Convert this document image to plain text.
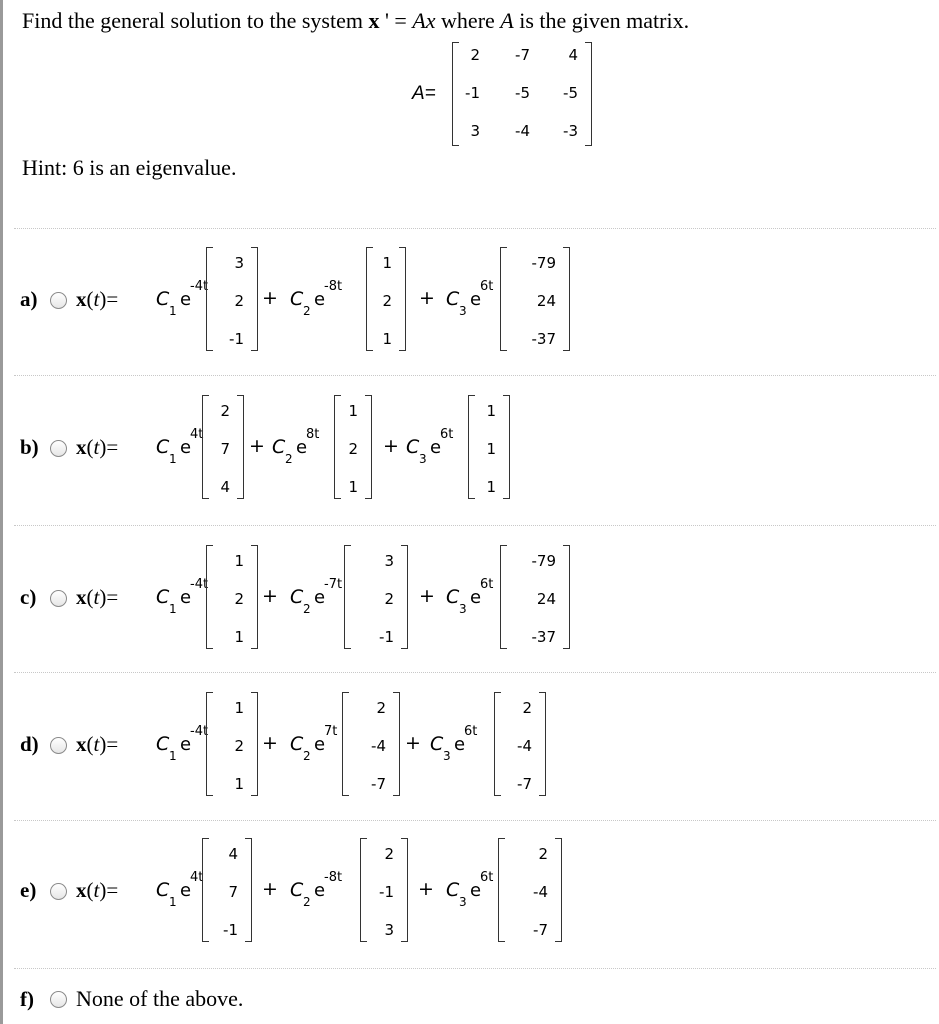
Find the general solution to the system x ' = Ax where A is the given matrix.
A=
2 -7	4
-1 -5 -5
3 -4 -3
Hint: 6 is an eigenvalue.
a) x(t)= C
1
e
-4t
3
2
-1
+ C
2
e
-8t
1
2
1
+ C
3
e
6t
-79
24
-37
b) x(t)= C
1
e
4t
2
7
4
+ C
2
e
8t
1
2
1
+ C
3
e
6t
1
1
1
c) x(t)= C
1
e
-4t
1
2
1
+ C
2
e
-7t
3
2
-1
+ C
3
e
6t
-79
24
-37
d) x(t)= C
1
e
-4t
1
2
1
+ C
2
e
7t
2
-4
-7
+ C
3
e
6t
2
-4
-7
e) x(t)= C
1
e
4t
4
7
-1
+ C
2
e
-8t
2
-1
3
+ C
3
e
6t
2
-4
-7
f) None of the above.
